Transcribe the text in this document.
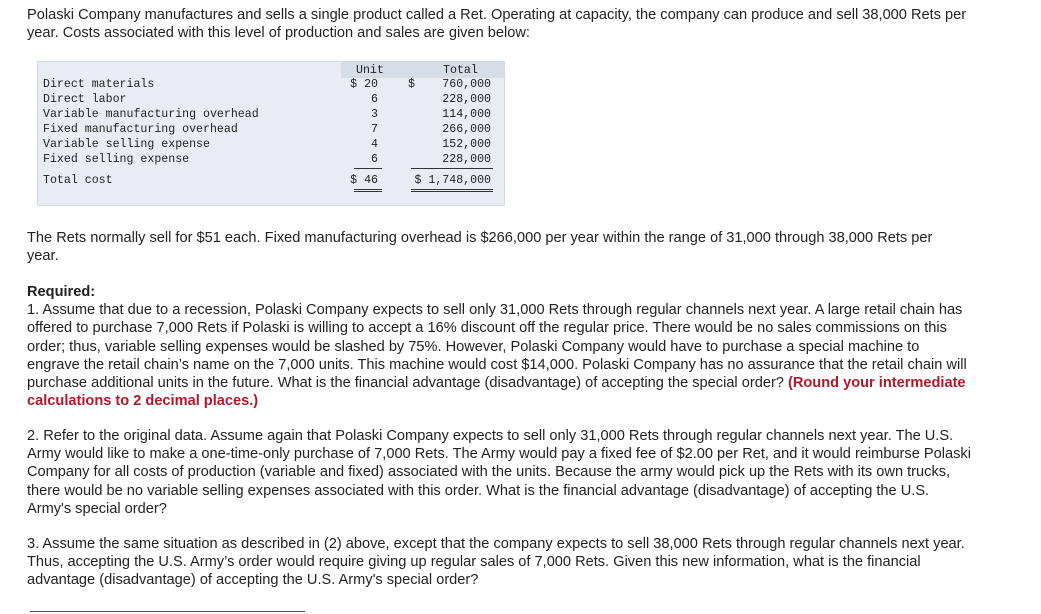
Polaski Company manufactures and sells a single product called a Ret. Operating at capacity, the company can produce and sell 38,000 Rets per year. Costs associated with this level of production and sales are given below:

Unit	Total
Direct materials	$ 20	$	760,000
Direct labor	6	228,000
Variable manufacturing overhead	3	114,000
Fixed manufacturing overhead	7	266,000
Variable selling expense	4	152,000
Fixed selling expense	6	228,000
Total cost	$ 46	$ 1,748,000

The Rets normally sell for $51 each. Fixed manufacturing overhead is $266,000 per year within the range of 31,000 through 38,000 Rets per year.

Required:

1. Assume that due to a recession, Polaski Company expects to sell only 31,000 Rets through regular channels next year. A large retail chain has offered to purchase 7,000 Rets if Polaski is willing to accept a 16% discount off the regular price. There would be no sales commissions on this order; thus, variable selling expenses would be slashed by 75%. However, Polaski Company would have to purchase a special machine to engrave the retail chain’s name on the 7,000 units. This machine would cost $14,000. Polaski Company has no assurance that the retail chain will purchase additional units in the future. What is the financial advantage (disadvantage) of accepting the special order? (Round your intermediate calculations to 2 decimal places.)

2. Refer to the original data. Assume again that Polaski Company expects to sell only 31,000 Rets through regular channels next year. The U.S. Army would like to make a one-time-only purchase of 7,000 Rets. The Army would pay a fixed fee of $2.00 per Ret, and it would reimburse Polaski Company for all costs of production (variable and fixed) associated with the units. Because the army would pick up the Rets with its own trucks, there would be no variable selling expenses associated with this order. What is the financial advantage (disadvantage) of accepting the U.S. Army's special order?

3. Assume the same situation as described in (2) above, except that the company expects to sell 38,000 Rets through regular channels next year. Thus, accepting the U.S. Army’s order would require giving up regular sales of 7,000 Rets. Given this new information, what is the financial advantage (disadvantage) of accepting the U.S. Army's special order?
